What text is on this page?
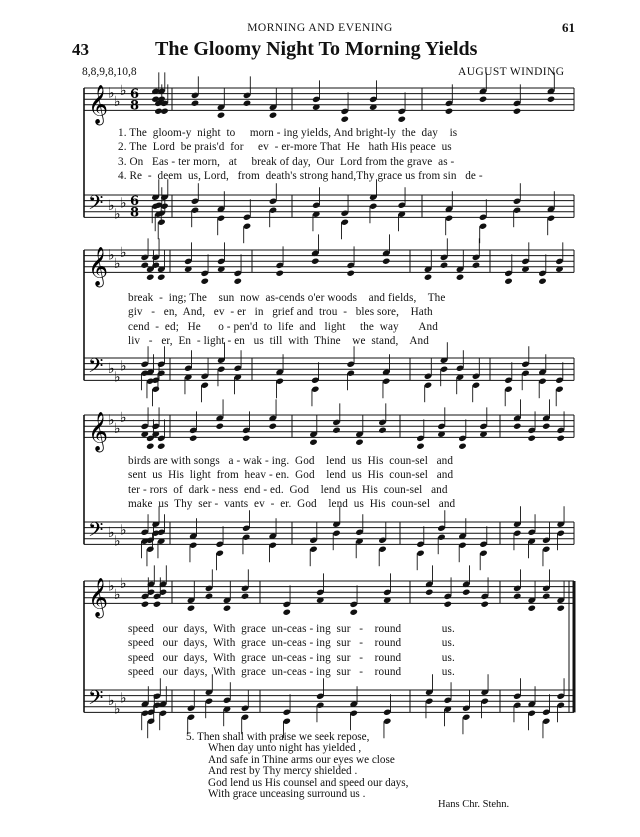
MORNING AND EVENING	61
43	The Gloomy Night To Morning Yields
8,8,9,8,10,8	AUGUST WINDING
𝄞
𝄢
♭
♭
♭
♭
♭
♭
𝄞
𝄢
♭
♭
♭
♭
♭
♭
𝄞
𝄢
♭
♭
♭
♭
♭
♭
𝄞
𝄢
♭
♭
♭
♭
♭
♭
6
8
6
8
1. The  gloom-y  night  to     morn - ing yields, And bright-ly  the  day    is
2. The  Lord  be prais'd  for     ev  - er-more That  He   hath His peace  us
3. On   Eas - ter morn,   at     break of day,  Our  Lord from the grave  as -
4. Re  -  deem  us, Lord,   from  death's strong hand,Thy grace us from sin   de -
break  -  ing; The    sun  now  as-cends o'er woods    and fields,    The
giv   -   en,  And,   ev  - er   in   grief and  trou  -   bles sore,    Hath
cend  -  ed;   He      o - pen'd  to  life  and   light     the  way       And
liv   -   er,  En  - light - en   us  till  with  Thine    we  stand,    And
birds are with songs   a - wak - ing.  God    lend  us  His  coun-sel   and
sent  us  His  light  from  heav - en.  God    lend  us  His  coun-sel   and
ter - rors  of  dark - ness  end - ed.  God    lend  us  His  coun-sel   and
make  us  Thy  ser -  vants  ev  -  er.  God    lend  us  His  coun-sel   and
speed   our  days,  With  grace  un-ceas - ing  sur   -    round              us.
speed   our  days,  With  grace  un-ceas - ing  sur   -    round              us.
speed   our  days,  With  grace  un-ceas - ing  sur   -    round              us.
speed   our  days,  With  grace  un-ceas - ing  sur   -    round              us.
5. Then shall with praise we seek repose,
When day unto night has yielded ,
And safe in Thine arms our eyes we close
And rest by Thy mercy shielded .
God lend us His counsel and speed our days,
With grace unceasing surround us .
Hans Chr. Stehn.
